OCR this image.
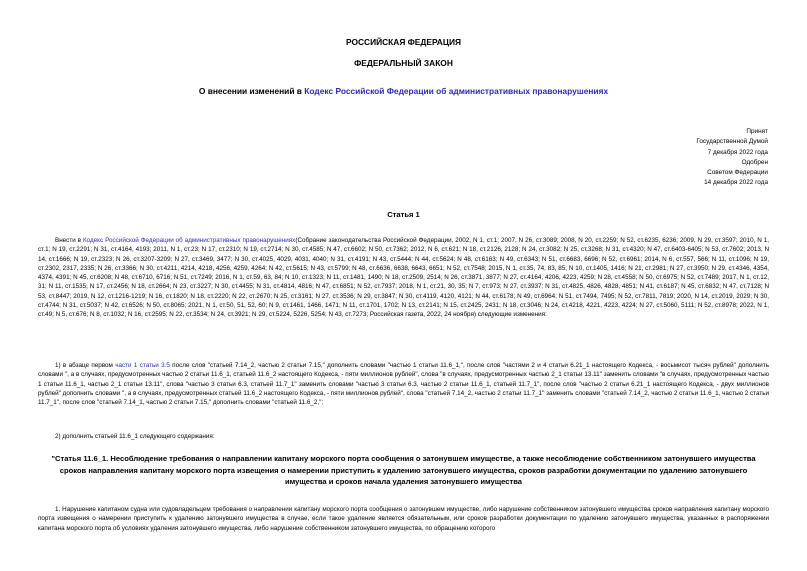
РОССИЙСКАЯ ФЕДЕРАЦИЯ
ФЕДЕРАЛЬНЫЙ ЗАКОН
О внесении изменений в Кодекс Российской Федерации об административных правонарушениях
Принят
Государственной Думой
7 декабря 2022 года
Одобрен
Советом Федерации
14 декабря 2022 года
Статья 1
Внести в Кодекс Российской Федерации об административных правонарушениях(Собрание законодательства Российской Федерации, 2002, N 1, ст.1; 2007, N 26, ст.3089; 2008, N 20, ст.2259; N 52, ст.6235, 6236; 2009, N 29, ст.3597; 2010, N 1, ст.1; N 19, ст.2291; N 31, ст.4164, 4193; 2011, N 1, ст.23; N 17, ст.2310; N 19, ст.2714; N 30, ст.4585; N 47, ст.6602; N 50, ст.7362; 2012, N 6, ст.621; N 18, ст.2126, 2128; N 24, ст.3082; N 25, ст.3268; N 31, ст.4320; N 47, ст.6403-6405; N 53, ст.7602; 2013, N 14, ст.1666; N 19, ст.2323; N 26, ст.3207-3209; N 27, ст.3469, 3477; N 30, ст.4025, 4029, 4031, 4040; N 31, ст.4191; N 43, ст.5444; N 44, ст.5624; N 48, ст.6163; N 49, ст.6343; N 51, ст.6683, 6696; N 52, ст.6961; 2014, N 6, ст.557, 566; N 11, ст.1096; N 19, ст.2302, 2317, 2335; N 26, ст.3366; N 30, ст.4211, 4214, 4218, 4256, 4259, 4264; N 42, ст.5615; N 43, ст.5799; N 48, ст.6636, 6638, 6643, 6651; N 52, ст.7548; 2015, N 1, ст.35, 74, 83, 85; N 10, ст.1405, 1416; N 21, ст.2981; N 27, ст.3950; N 29, ст.4346, 4354, 4374, 4391; N 45, ст.6208; N 48, ст.6710, 6716; N 51, ст.7249; 2016, N 1, ст.59, 63, 84; N 10, ст.1323; N 11, ст.1481, 1490; N 18, ст.2509, 2514; N 26, ст.3871, 3877; N 27, ст.4164, 4206, 4223, 4259; N 28, ст.4558; N 50, ст.6975; N 52, ст.7489; 2017, N 1, ст.12, 31; N 11, ст.1535; N 17, ст.2456; N 18, ст.2664; N 23, ст.3227; N 30, ст.4455; N 31, ст.4814, 4816; N 47, ст.6851; N 52, ст.7937; 2018, N 1, ст.21, 30, 35; N 7, ст.973; N 27, ст.3937; N 31, ст.4825, 4826, 4828, 4851; N 41, ст.6187; N 45, ст.6832; N 47, ст.7128; N 53, ст.8447; 2019, N 12, ст.1216-1219; N 16, ст.1820; N 18, ст.2220; N 22, ст.2670; N 25, ст.3161; N 27, ст.3536; N 29, ст.3847; N 30, ст.4119, 4120, 4121; N 44, ст.6178; N 49, ст.6964; N 51, ст.7494, 7495; N 52, ст.7811, 7819; 2020, N 14, ст.2019, 2029; N 30, ст.4744; N 31, ст.5037; N 42, ст.6526; N 50, ст.8065; 2021, N 1, ст.50, 51, 52, 60; N 9, ст.1461, 1466, 1471; N 11, ст.1701, 1702; N 13, ст.2141; N 15, ст.2425, 2431; N 18, ст.3046; N 24, ст.4218, 4221, 4223, 4224; N 27, ст.5060, 5111; N 52, ст.8978; 2022, N 1, ст.49; N 5, ст.676; N 8, ст.1032; N 16, ст.2595; N 22, ст.3534; N 24, ст.3921; N 29, ст.5224, 5226, 5254; N 43, ст.7273; Российская газета, 2022, 24 ноября) следующие изменения:
1) в абзаце первом части 1 статьи 3.5 после слов "статьей 7.14_2, частью 2 статьи 7.15," дополнить словами "частью 1 статьи 11.6_1,", после слов "частями 2 и 4 статьи 6.21_1 настоящего Кодекса, - восьмисот тысяч рублей" дополнить словами ", а в случаях, предусмотренных частью 2 статьи 11.6_1, статьей 11.6_2 настоящего Кодекса, - пяти миллионов рублей", слова "в случаях, предусмотренных частью 2_1 статьи 13.11" заменить словами "в случаях, предусмотренных частью 1 статьи 11.6_1, частью 2_1 статьи 13.11", слова "частью 3 статьи 6.3, статьей 11.7_1" заменить словами "частью 3 статьи 6.3, частью 2 статьи 11.6_1, статьей 11.7_1", после слов "частью 2 статьи 6.21_1 настоящего Кодекса, - двух миллионов рублей" дополнить словами ", а в случаях, предусмотренных статьей 11.6_2 настоящего Кодекса, - пяти миллионов рублей", слова "статьей 7.14_2, частью 2 статьи 11.7_1" заменить словами "статьей 7.14_2, частью 2 статьи 11.6_1, частью 2 статьи 11.7_1", после слов "статьей 7.14_1, частью 2 статьи 7.15," дополнить словами "статьей 11.6_2,";
2) дополнить статьей 11.6_1 следующего содержания:
"Статья 11.6_1. Несоблюдение требования о направлении капитану морского порта сообщения о затонувшем имуществе, а также несоблюдение собственником затонувшего имущества сроков направления капитану морского порта извещения о намерении приступить к удалению затонувшего имущества, сроков разработки документации по удалению затонувшего имущества и сроков начала удаления затонувшего имущества
1. Нарушение капитаном судна или судовладельцем требования о направлении капитану морского порта сообщения о затонувшем имуществе, либо нарушение собственником затонувшего имущества сроков направления капитану морского порта извещения о намерении приступить к удалению затонувшего имущества в случае, если такое удаление является обязательным, или сроков разработки документации по удалению затонувшего имущества, указанных в распоряжении капитана морского порта об условиях удаления затонувшего имущества, либо нарушение собственником затонувшего имущества, по обращению которого
